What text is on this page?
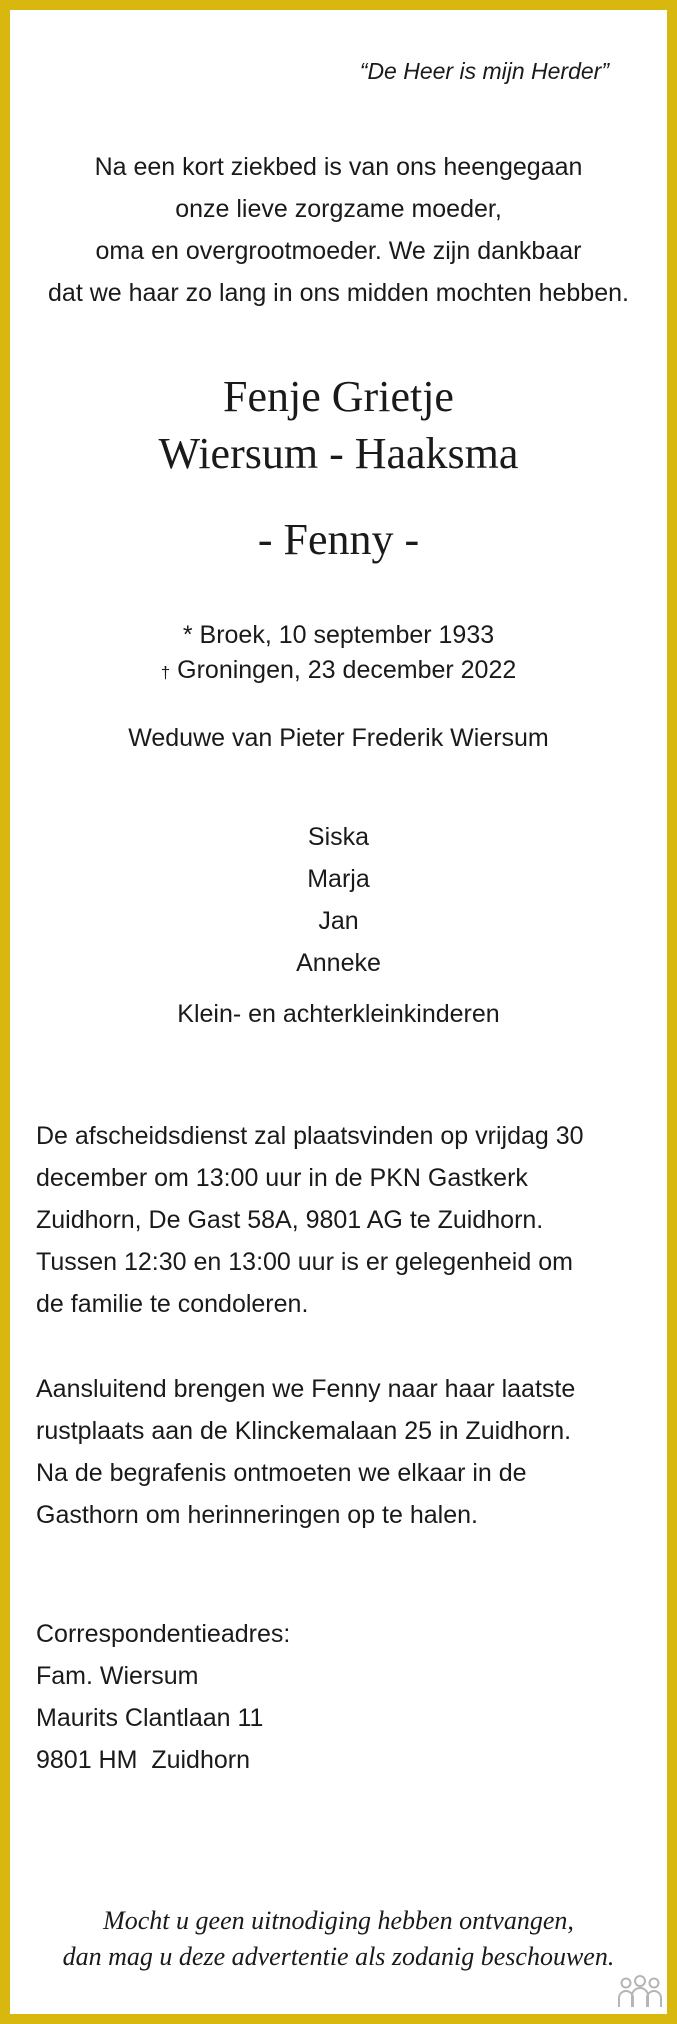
“De Heer is mijn Herder”
Na een kort ziekbed is van ons heengegaan
onze lieve zorgzame moeder,
oma en overgrootmoeder. We zijn dankbaar
dat we haar zo lang in ons midden mochten hebben.
Fenje Grietje
Wiersum - Haaksma
- Fenny -
* Broek, 10 september 1933
† Groningen, 23 december 2022
Weduwe van Pieter Frederik Wiersum
Siska
Marja
Jan
Anneke
Klein- en achterkleinkinderen
De afscheidsdienst zal plaatsvinden op vrijdag 30
december om 13:00 uur in de PKN Gastkerk
Zuidhorn, De Gast 58A, 9801 AG te Zuidhorn.
Tussen 12:30 en 13:00 uur is er gelegenheid om
de familie te condoleren.
Aansluitend brengen we Fenny naar haar laatste
rustplaats aan de Klinckemalaan 25 in Zuidhorn.
Na de begrafenis ontmoeten we elkaar in de
Gasthorn om herinneringen op te halen.
Correspondentieadres:
Fam. Wiersum
Maurits Clantlaan 11
9801 HM  Zuidhorn
Mocht u geen uitnodiging hebben ontvangen,
dan mag u deze advertentie als zodanig beschouwen.
